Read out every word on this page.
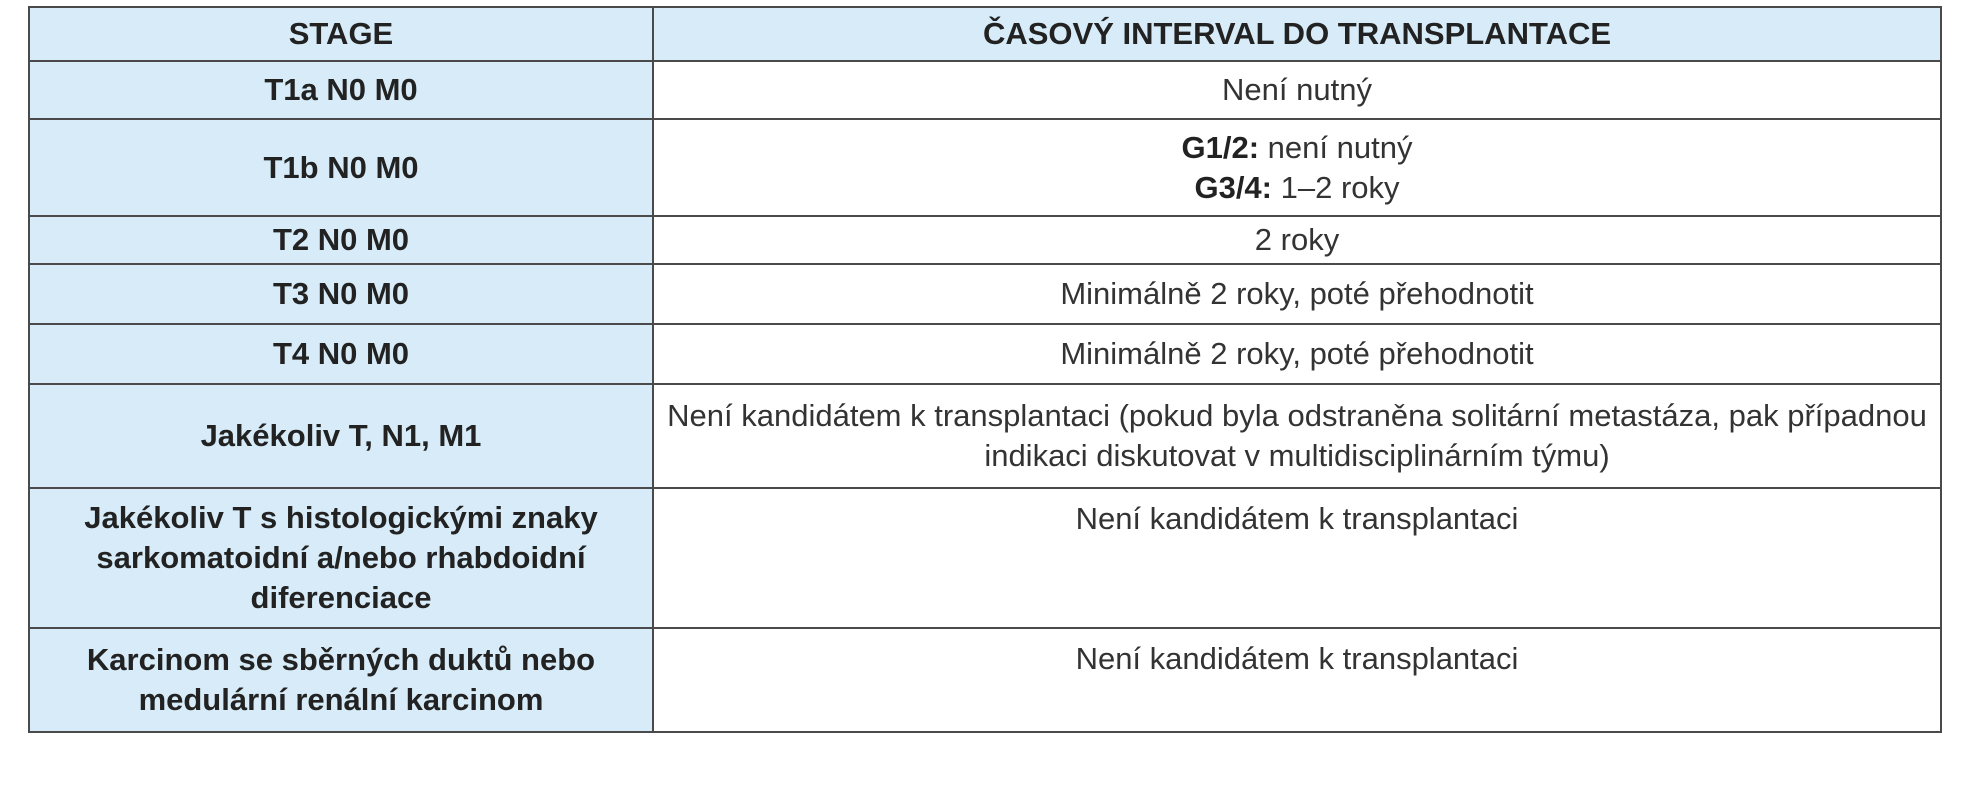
STAGE	ČASOVÝ INTERVAL DO TRANSPLANTACE
T1a N0 M0	Není nutný
T1b N0 M0	G1/2: není nutný
G3/4: 1–2 roky

T2 N0 M0	2 roky
T3 N0 M0	Minimálně 2 roky, poté přehodnotit
T4 N0 M0	Minimálně 2 roky, poté přehodnotit
Jakékoliv T, N1, M1	Není kandidátem k transplantaci (pokud byla odstraněna solitární metastáza, pak případnou indikaci diskutovat v multidisciplinárním týmu)
Jakékoliv T s histologickými znaky sarkomatoidní a/nebo rhabdoidní diferenciace	Není kandidátem k transplantaci
Karcinom se sběrných duktů nebo medulární renální karcinom	Není kandidátem k transplantaci
